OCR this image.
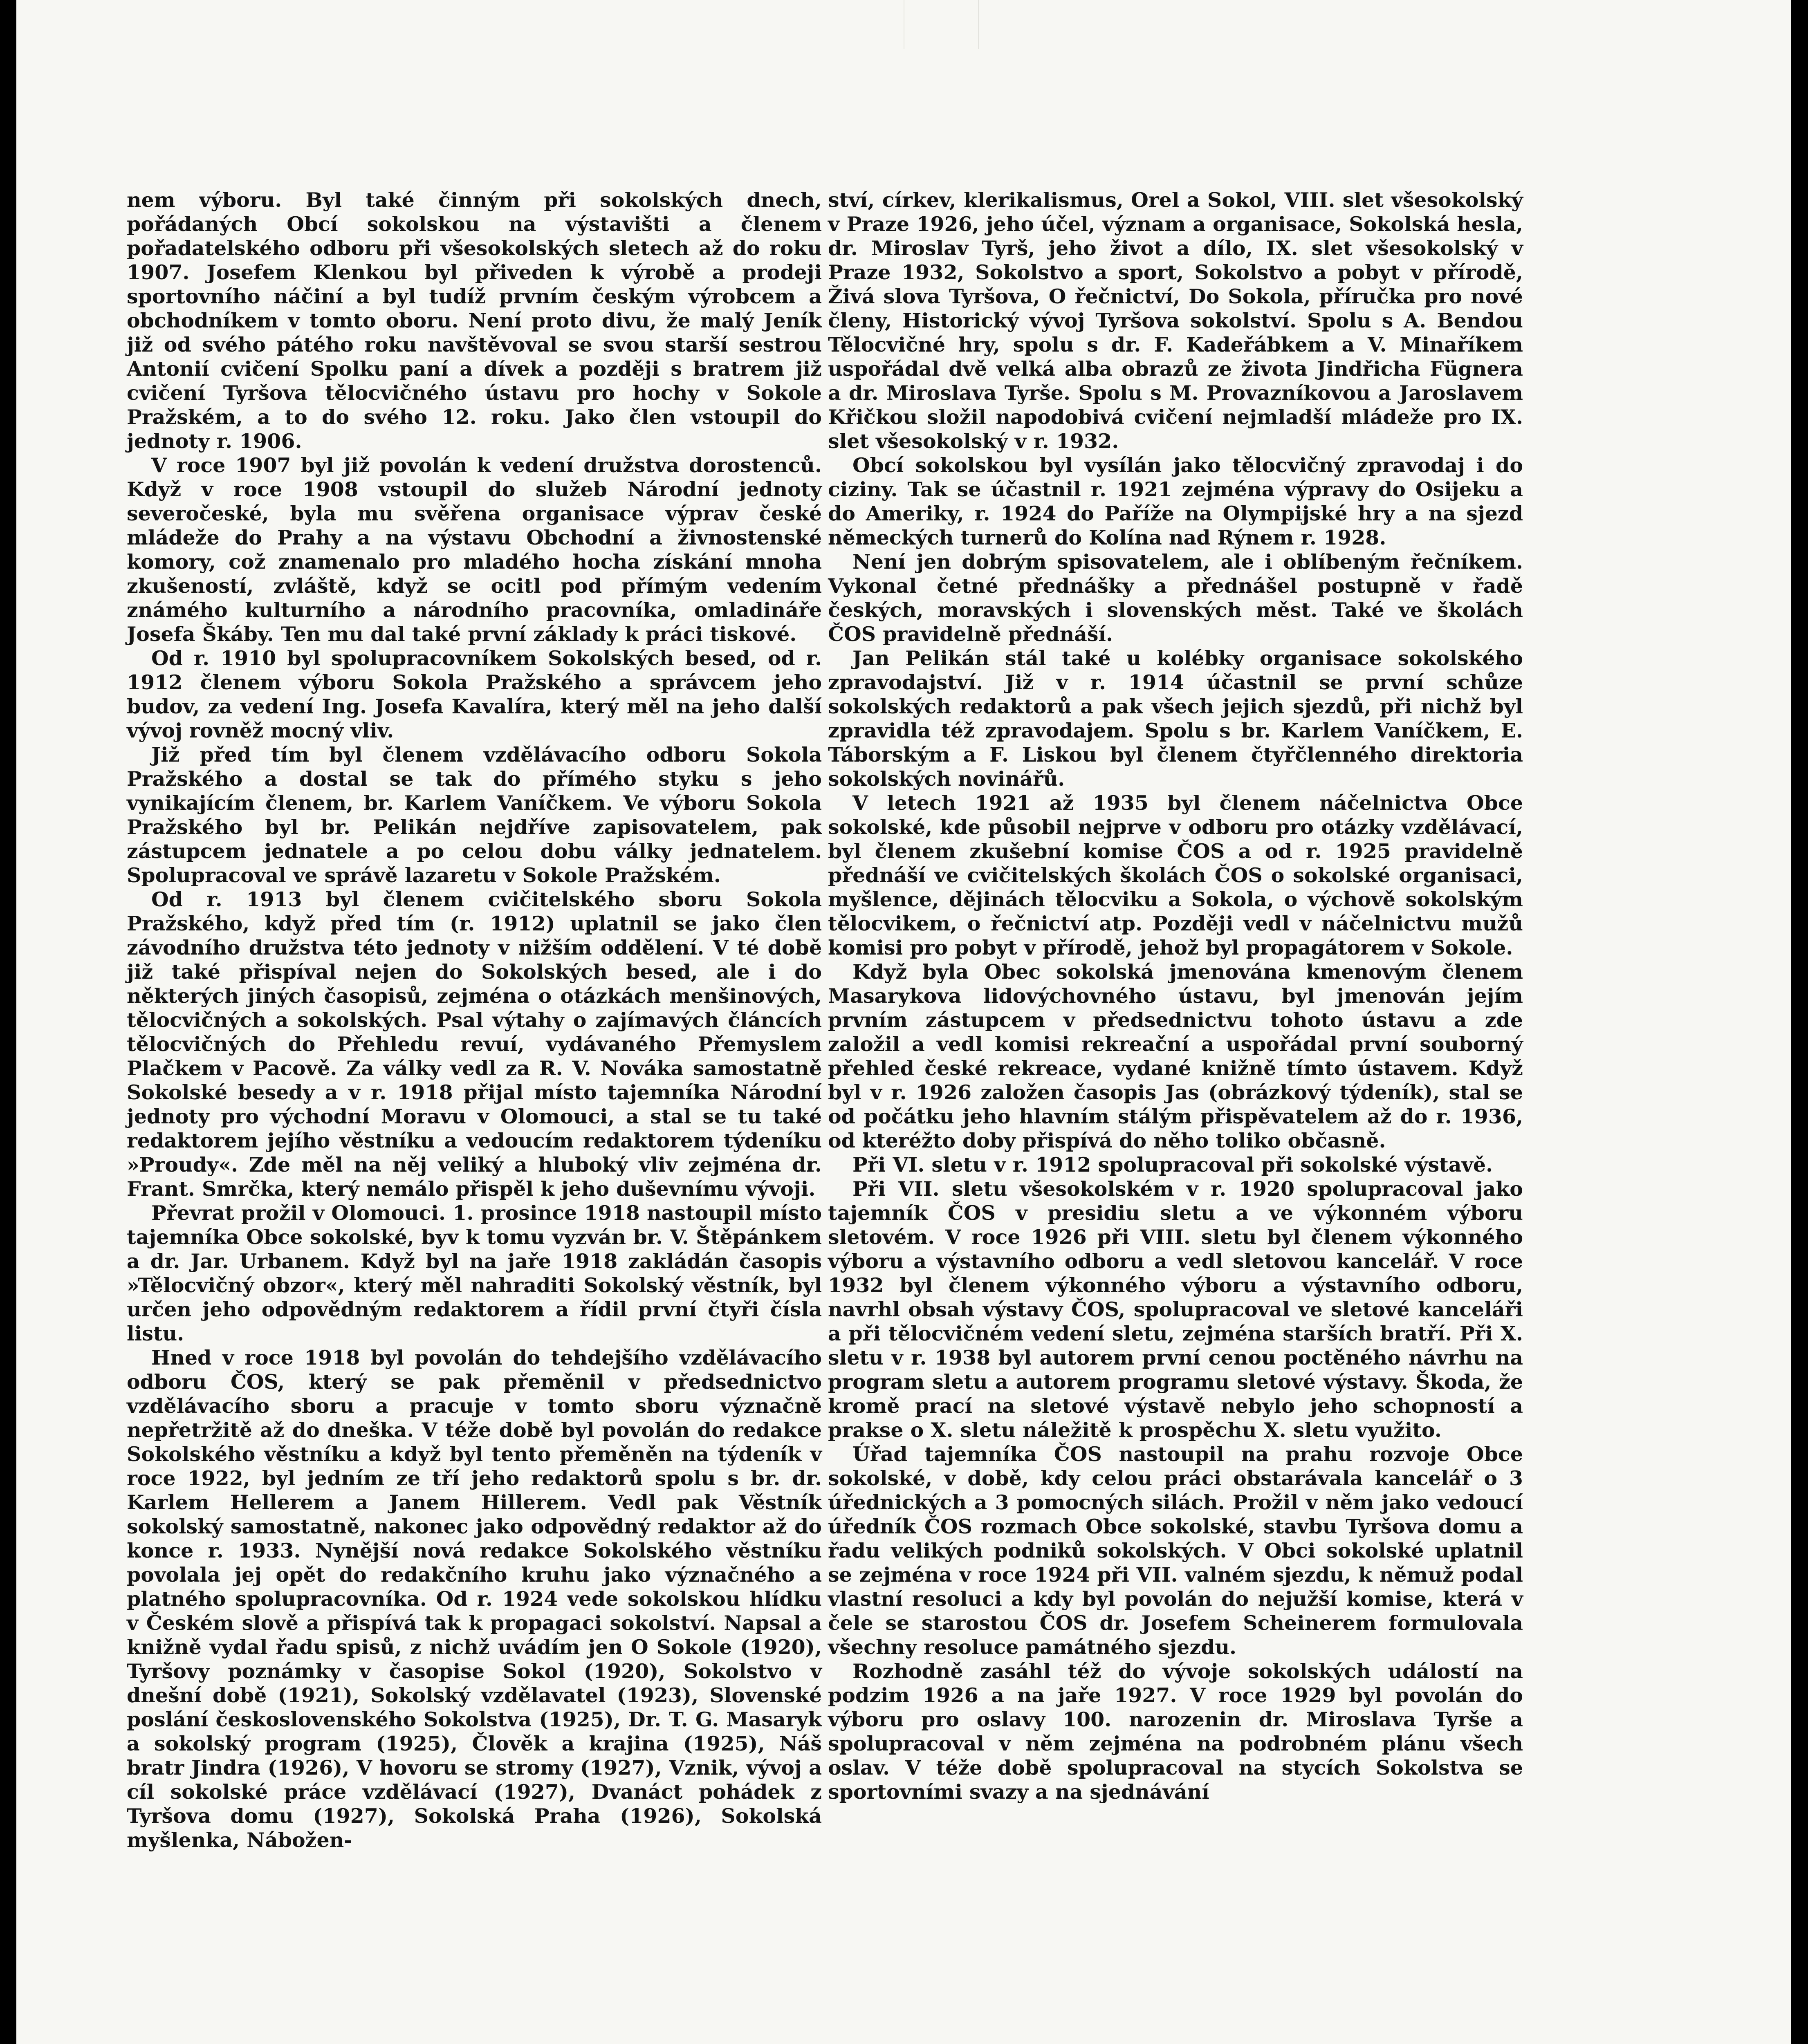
nem výboru. Byl také činným při sokolských dnech, pořádaných Obcí sokolskou na výstavišti a členem pořadatelského odboru při všesokolských sletech až do roku 1907. Josefem Klenkou byl přiveden k výrobě a prodeji sportovního náčiní a byl tudíž prvním českým výrobcem a obchodníkem v tomto oboru. Není proto divu, že malý Jeník již od svého pátého roku navštěvoval se svou starší sestrou Antonií cvičení Spolku paní a dívek a později s bratrem již cvičení Tyršova tělocvičného ústavu pro hochy v Sokole Pražském, a to do svého 12. roku. Jako člen vstoupil do jednoty r. 1906.

V roce 1907 byl již povolán k vedení družstva dorostenců. Když v roce 1908 vstoupil do služeb Národní jednoty severočeské, byla mu svěřena organisace výprav české mládeže do Prahy a na výstavu Obchodní a živnostenské komory, což znamenalo pro mladého hocha získání mnoha zkušeností, zvláště, když se ocitl pod přímým vedením známého kulturního a národního pracovníka, omladináře Josefa Škáby. Ten mu dal také první základy k práci tiskové.

Od r. 1910 byl spolupracovníkem Sokolských besed, od r. 1912 členem výboru Sokola Pražského a správcem jeho budov, za vedení Ing. Josefa Kavalíra, který měl na jeho další vývoj rovněž mocný vliv.

Již před tím byl členem vzdělávacího odboru Sokola Pražského a dostal se tak do přímého styku s jeho vynikajícím členem, br. Karlem Vaníčkem. Ve výboru Sokola Pražského byl br. Pelikán nejdříve zapisovatelem, pak zástupcem jednatele a po celou dobu války jednatelem. Spolupracoval ve správě lazaretu v Sokole Pražském.

Od r. 1913 byl členem cvičitelského sboru Sokola Pražského, když před tím (r. 1912) uplatnil se jako člen závodního družstva této jednoty v nižším oddělení. V té době již také přispíval nejen do Sokolských besed, ale i do některých jiných časopisů, zejména o otázkách menšinových, tělocvičných a sokolských. Psal výtahy o zajímavých článcích tělocvičných do Přehledu revuí, vydávaného Přemyslem Plačkem v Pacově. Za války vedl za R. V. Nováka samostatně Sokolské besedy a v r. 1918 přijal místo tajemníka Národní jednoty pro východní Moravu v Olomouci, a stal se tu také redaktorem jejího věstníku a vedoucím redaktorem týdeníku »Proudy«. Zde měl na něj veliký a hluboký vliv zejména dr. Frant. Smrčka, který nemálo přispěl k jeho duševnímu vývoji.

Převrat prožil v Olomouci. 1. prosince 1918 nastoupil místo tajemníka Obce sokolské, byv k tomu vyzván br. V. Štěpánkem a dr. Jar. Urbanem. Když byl na jaře 1918 zakládán časopis »Tělocvičný obzor«, který měl nahraditi Sokolský věstník, byl určen jeho odpovědným redaktorem a řídil první čtyři čísla listu.

Hned v roce 1918 byl povolán do tehdejšího vzdělávacího odboru ČOS, který se pak přeměnil v předsednictvo vzdělávacího sboru a pracuje v tomto sboru význačně nepřetržitě až do dneška. V téže době byl povolán do redakce Sokolského věstníku a když byl tento přeměněn na týdeník v roce 1922, byl jedním ze tří jeho redaktorů spolu s br. dr. Karlem Hellerem a Janem Hillerem. Vedl pak Věstník sokolský samostatně, nakonec jako odpovědný redaktor až do konce r. 1933. Nynější nová redakce Sokolského věstníku povolala jej opět do redakčního kruhu jako význačného a platného spolupracovníka. Od r. 1924 vede sokolskou hlídku v Českém slově a přispívá tak k propagaci sokolství. Napsal a knižně vydal řadu spisů, z nichž uvádím jen O Sokole (1920), Tyršovy poznámky v časopise Sokol (1920), Sokolstvo v dnešní době (1921), Sokolský vzdělavatel (1923), Slovenské poslání československého Sokolstva (1925), Dr. T. G. Masaryk a sokolský program (1925), Člověk a krajina (1925), Náš bratr Jindra (1926), V hovoru se stromy (1927), Vznik, vývoj a cíl sokolské práce vzdělávací (1927), Dvanáct pohádek z Tyršova domu (1927), Sokolská Praha (1926), Sokolská myšlenka, Nábožen-

ství, církev, klerikalismus, Orel a Sokol, VIII. slet všesokolský v Praze 1926, jeho účel, význam a organisace, Sokolská hesla, dr. Miroslav Tyrš, jeho život a dílo, IX. slet všesokolský v Praze 1932, Sokolstvo a sport, Sokolstvo a pobyt v přírodě, Živá slova Tyršova, O řečnictví, Do Sokola, příručka pro nové členy, Historický vývoj Tyršova sokolství. Spolu s A. Bendou Tělocvičné hry, spolu s dr. F. Kadeřábkem a V. Minaříkem uspořádal dvě velká alba obrazů ze života Jindřicha Fügnera a dr. Miroslava Tyrše. Spolu s M. Provazníkovou a Jaroslavem Křičkou složil napodobivá cvičení nejmladší mládeže pro IX. slet všesokolský v r. 1932.

Obcí sokolskou byl vysílán jako tělocvičný zpravodaj i do ciziny. Tak se účastnil r. 1921 zejména výpravy do Osijeku a do Ameriky, r. 1924 do Paříže na Olympijské hry a na sjezd německých turnerů do Kolína nad Rýnem r. 1928.

Není jen dobrým spisovatelem, ale i oblíbeným řečníkem. Vykonal četné přednášky a přednášel postupně v řadě českých, moravských i slovenských měst. Také ve školách ČOS pravidelně přednáší.

Jan Pelikán stál také u kolébky organisace sokolského zpravodajství. Již v r. 1914 účastnil se první schůze sokolských redaktorů a pak všech jejich sjezdů, při nichž byl zpravidla též zpravodajem. Spolu s br. Karlem Vaníčkem, E. Táborským a F. Liskou byl členem čtyřčlenného direktoria sokolských novinářů.

V letech 1921 až 1935 byl členem náčelnictva Obce sokolské, kde působil nejprve v odboru pro otázky vzdělávací, byl členem zkušební komise ČOS a od r. 1925 pravidelně přednáší ve cvičitelských školách ČOS o sokolské organisaci, myšlence, dějinách tělocviku a Sokola, o výchově sokolským tělocvikem, o řečnictví atp. Později vedl v náčelnictvu mužů komisi pro pobyt v přírodě, jehož byl propagátorem v Sokole.

Když byla Obec sokolská jmenována kmenovým členem Masarykova lidovýchovného ústavu, byl jmenován jejím prvním zástupcem v předsednictvu tohoto ústavu a zde založil a vedl komisi rekreační a uspořádal první souborný přehled české rekreace, vydané knižně tímto ústavem. Když byl v r. 1926 založen časopis Jas (obrázkový týdeník), stal se od počátku jeho hlavním stálým přispěvatelem až do r. 1936, od kteréžto doby přispívá do něho toliko občasně.

Při VI. sletu v r. 1912 spolupracoval při sokolské výstavě.

Při VII. sletu všesokolském v r. 1920 spolupracoval jako tajemník ČOS v presidiu sletu a ve výkonném výboru sletovém. V roce 1926 při VIII. sletu byl členem výkonného výboru a výstavního odboru a vedl sletovou kancelář. V roce 1932 byl členem výkonného výboru a výstavního odboru, navrhl obsah výstavy ČOS, spolupracoval ve sletové kanceláři a při tělocvičném vedení sletu, zejména starších bratří. Při X. sletu v r. 1938 byl autorem první cenou poctěného návrhu na program sletu a autorem programu sletové výstavy. Škoda, že kromě prací na sletové výstavě nebylo jeho schopností a prakse o X. sletu náležitě k prospěchu X. sletu využito.

Úřad tajemníka ČOS nastoupil na prahu rozvoje Obce sokolské, v době, kdy celou práci obstarávala kancelář o 3 úřednických a 3 pomocných silách. Prožil v něm jako vedoucí úředník ČOS rozmach Obce sokolské, stavbu Tyršova domu a řadu velikých podniků sokolských. V Obci sokolské uplatnil se zejména v roce 1924 při VII. valném sjezdu, k němuž podal vlastní resoluci a kdy byl povolán do nejužší komise, která v čele se starostou ČOS dr. Josefem Scheinerem formulovala všechny resoluce památného sjezdu.

Rozhodně zasáhl též do vývoje sokolských událostí na podzim 1926 a na jaře 1927. V roce 1929 byl povolán do výboru pro oslavy 100. narozenin dr. Miroslava Tyrše a spolupracoval v něm zejména na podrobném plánu všech oslav. V téže době spolupracoval na stycích Sokolstva se sportovními svazy a na sjednávání
